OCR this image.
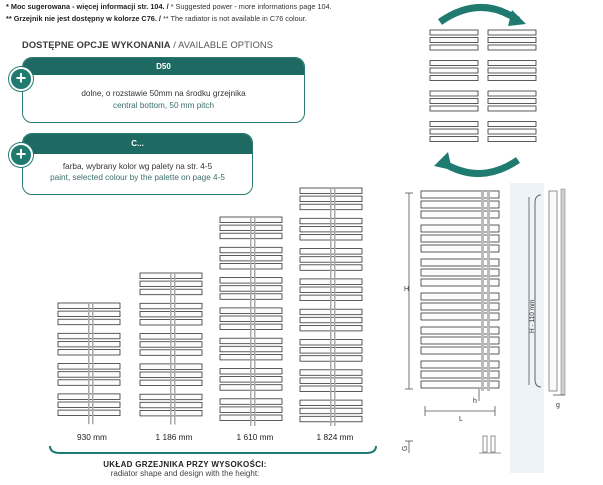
* Moc sugerowana - więcej informacji str. 104. / * Suggested power - more informations page 104.
** Grzejnik nie jest dostępny w kolorze C76. / ** The radiator is not available in C76 colour.
DOSTĘPNE OPCJE WYKONANIA / AVAILABLE OPTIONS
D50
dolne, o rozstawie 50mm na środku grzejnika
central bottom, 50 mm pitch
+
C...
farba, wybrany kolor wg palety na str. 4-5
paint, selected colour by the palette on page 4-5
+
930 mm	1 186 mm	1 610 mm	1 824 mm
UKŁAD GRZEJNIKA PRZY WYSOKOŚCI:
radiator shape and design with the height:
H
L
h
H - 110 mm
g
G
